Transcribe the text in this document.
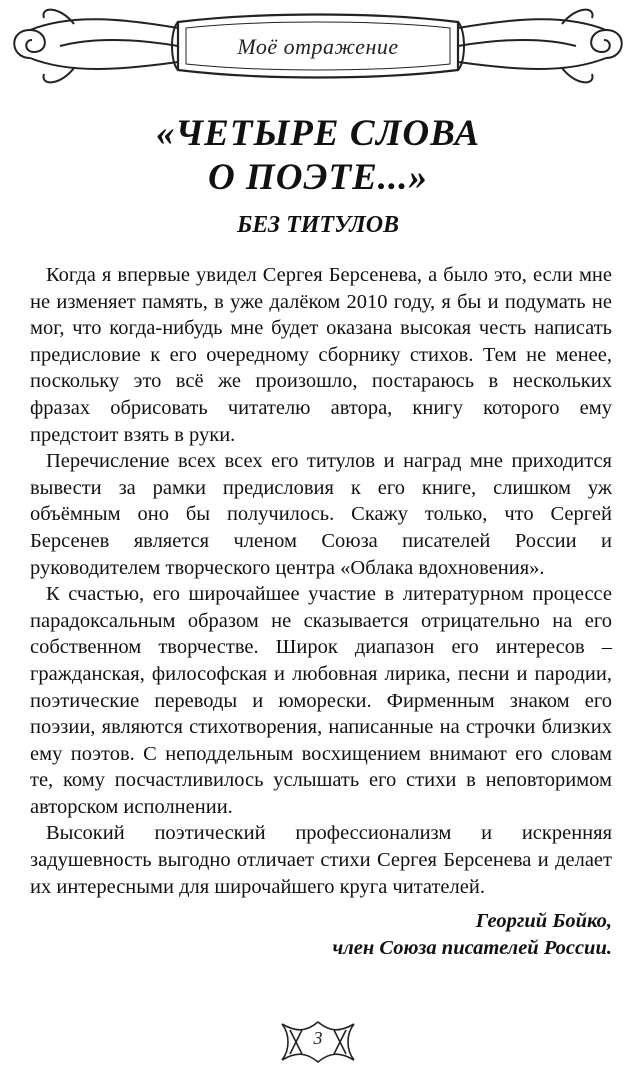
Моё отражение
«ЧЕТЫРЕ СЛОВА
О ПОЭТЕ...»
БЕЗ ТИТУЛОВ

Когда я впервые увидел Сергея Берсенева, а было это, если мне не изменяет память, в уже далёком 2010 году, я бы и подумать не мог, что когда-нибудь мне будет оказана высокая честь написать предисловие к его очередному сборнику стихов. Тем не менее, поскольку это всё же произошло, постараюсь в нескольких фразах обрисовать читателю автора, книгу которого ему предстоит взять в руки.

Перечисление всех всех его титулов и наград мне приходится вывести за рамки предисловия к его книге, слишком уж объёмным оно бы получилось. Скажу только, что Сергей Берсенев является членом Союза писателей России и руководителем творческого центра «Облака вдохновения».

К счастью, его широчайшее участие в литературном процессе парадоксальным образом не сказывается отрицательно на его собственном творчестве. Широк диапазон его интересов – гражданская, философская и любовная лирика, песни и пародии, поэтические переводы и юморески. Фирменным знаком его поэзии, являются стихотворения, написанные на строчки близких ему поэтов. С неподдельным восхищением внимают его словам те, кому посчастливилось услышать его стихи в неповторимом авторском исполнении.

Высокий поэтический профессионализм и искренняя задушевность выгодно отличает стихи Сергея Берсенева и делает их интересными для широчайшего круга читателей.

Георгий Бойко,
член Союза писателей России.
3
